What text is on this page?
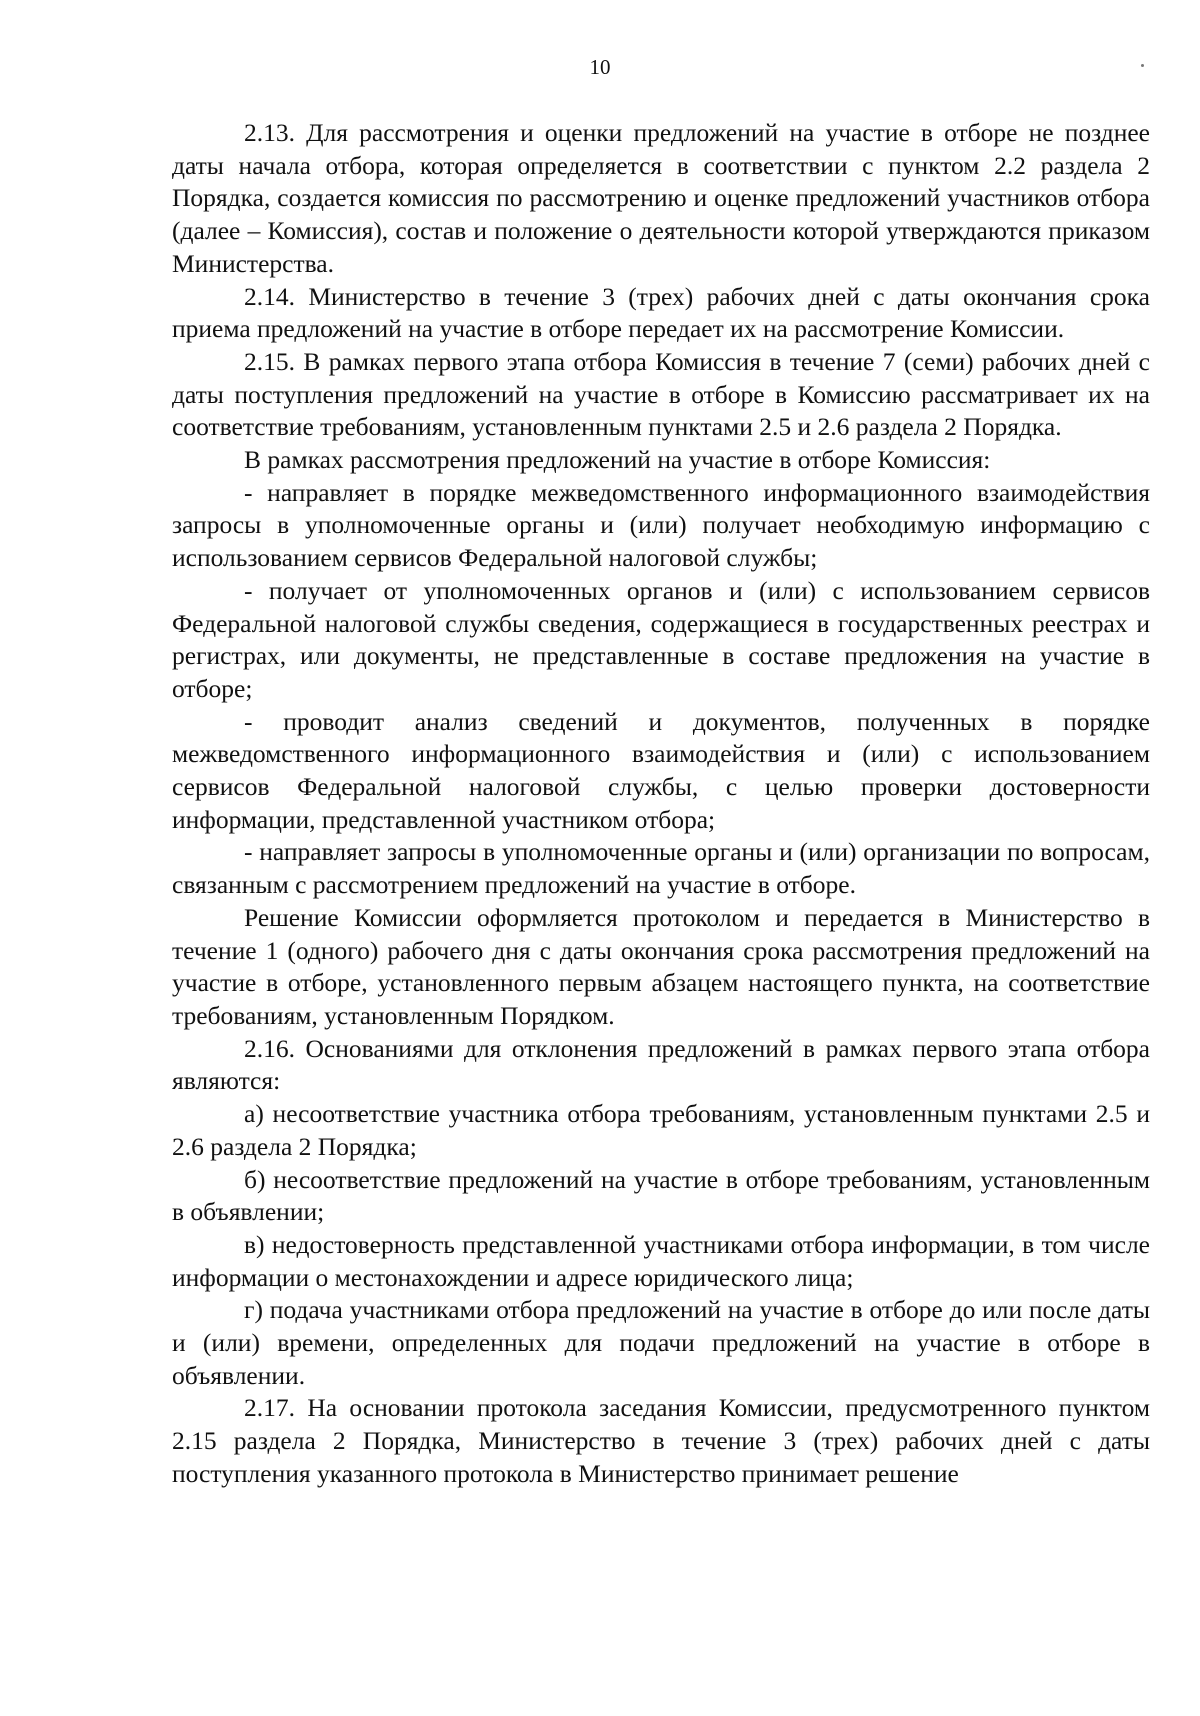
10

2.13. Для рассмотрения и оценки предложений на участие в отборе не позднее даты начала отбора, которая определяется в соответствии с пунктом 2.2 раздела 2 Порядка, создается комиссия по рассмотрению и оценке предложений участников отбора (далее – Комиссия), состав и положение о деятельности которой утверждаются приказом Министерства.

2.14. Министерство в течение 3 (трех) рабочих дней с даты окончания срока приема предложений на участие в отборе передает их на рассмотрение Комиссии.

2.15. В рамках первого этапа отбора Комиссия в течение 7 (семи) рабочих дней с даты поступления предложений на участие в отборе в Комиссию рассматривает их на соответствие требованиям, установленным пунктами 2.5 и 2.6 раздела 2 Порядка.

В рамках рассмотрения предложений на участие в отборе Комиссия:

- направляет в порядке межведомственного информационного взаимодействия запросы в уполномоченные органы и (или) получает необходимую информацию с использованием сервисов Федеральной налоговой службы;

- получает от уполномоченных органов и (или) с использованием сервисов Федеральной налоговой службы сведения, содержащиеся в государственных реестрах и регистрах, или документы, не представленные в составе предложения на участие в отборе;

- проводит анализ сведений и документов, полученных в порядке межведомственного информационного взаимодействия и (или) с использованием сервисов Федеральной налоговой службы, с целью проверки достоверности информации, представленной участником отбора;

- направляет запросы в уполномоченные органы и (или) организации по вопросам, связанным с рассмотрением предложений на участие в отборе.

Решение Комиссии оформляется протоколом и передается в Министерство в течение 1 (одного) рабочего дня с даты окончания срока рассмотрения предложений на участие в отборе, установленного первым абзацем настоящего пункта, на соответствие требованиям, установленным Порядком.

2.16. Основаниями для отклонения предложений в рамках первого этапа отбора являются:

а) несоответствие участника отбора требованиям, установленным пунктами 2.5 и 2.6 раздела 2 Порядка;

б) несоответствие предложений на участие в отборе требованиям, установленным в объявлении;

в) недостоверность представленной участниками отбора информации, в том числе информации о местонахождении и адресе юридического лица;

г) подача участниками отбора предложений на участие в отборе до или после даты и (или) времени, определенных для подачи предложений на участие в отборе в объявлении.

2.17. На основании протокола заседания Комиссии, предусмотренного пунктом 2.15 раздела 2 Порядка, Министерство в течение 3 (трех) рабочих дней с даты поступления указанного протокола в Министерство принимает решение
